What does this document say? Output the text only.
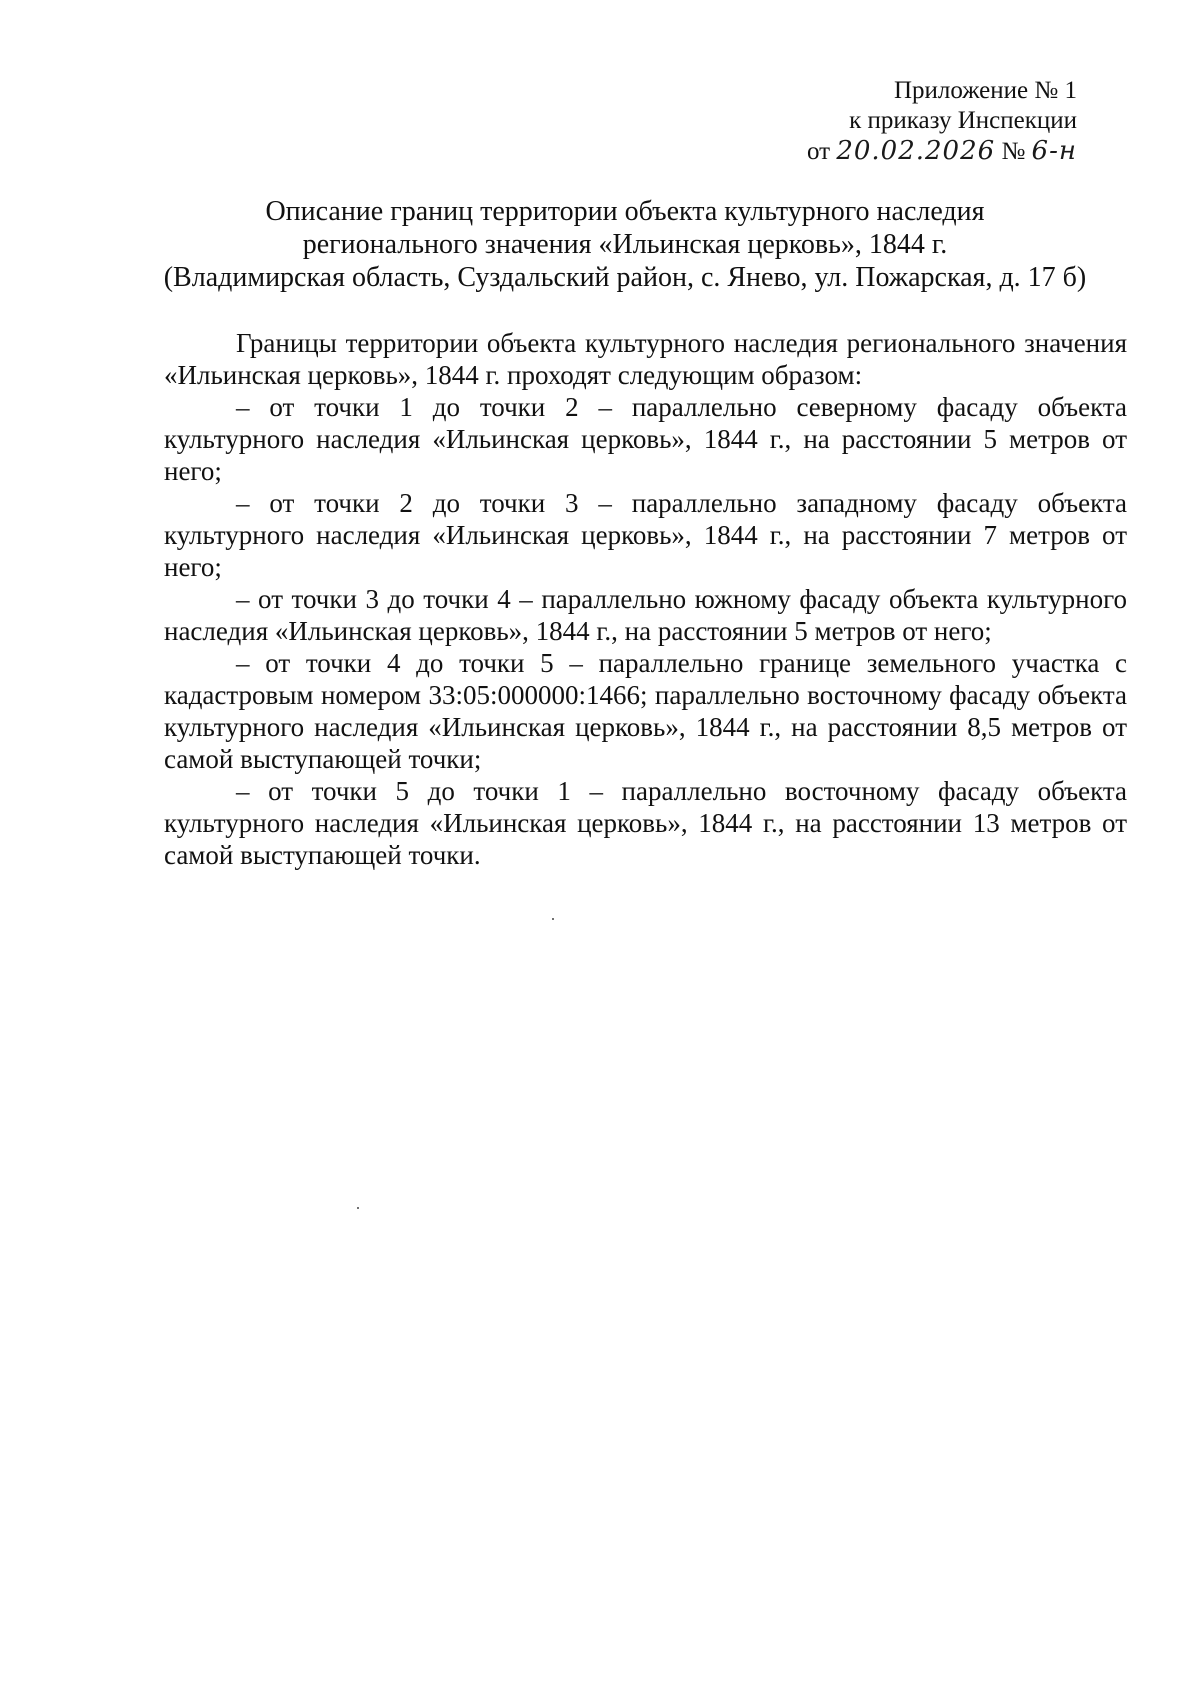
Приложение № 1
к приказу Инспекции
от 20.02.2026 № 6-н
Описание границ территории объекта культурного наследия
регионального значения «Ильинская церковь», 1844 г.
(Владимирская область, Суздальский район, с. Янево, ул. Пожарская, д. 17 б)

Границы территории объекта культурного наследия регионального значения «Ильинская церковь», 1844 г. проходят следующим образом:

– от точки 1 до точки 2 – параллельно северному фасаду объекта культурного наследия «Ильинская церковь», 1844 г., на расстоянии 5 метров от него;

– от точки 2 до точки 3 – параллельно западному фасаду объекта культурного наследия «Ильинская церковь», 1844 г., на расстоянии 7 метров от него;

– от точки 3 до точки 4 – параллельно южному фасаду объекта культурного наследия «Ильинская церковь», 1844 г., на расстоянии 5 метров от него;

– от точки 4 до точки 5 – параллельно границе земельного участка с кадастровым номером 33:05:000000:1466; параллельно восточному фасаду объекта культурного наследия «Ильинская церковь», 1844 г., на расстоянии 8,5 метров от самой выступающей точки;

– от точки 5 до точки 1 – параллельно восточному фасаду объекта культурного наследия «Ильинская церковь», 1844 г., на расстоянии 13 метров от самой выступающей точки.
